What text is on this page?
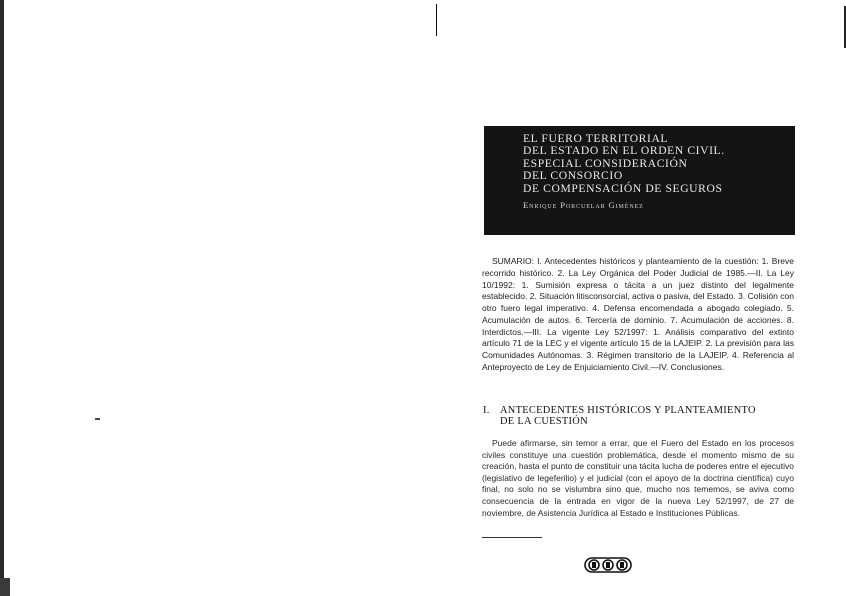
EL FUERO TERRITORIAL
DEL ESTADO EN EL ORDEN CIVIL.
ESPECIAL CONSIDERACIÓN
DEL CONSORCIO
DE COMPENSACIÓN DE SEGUROS
Enrique Porcuelar Giménez

SUMARIO: I. Antecedentes históricos y planteamiento de la cuestión: 1. Breve recorrido histórico. 2. La Ley Orgánica del Poder Judicial de 1985.—II. La Ley 10/1992: 1. Sumisión expresa o tácita a un juez distinto del legalmente establecido. 2. Situación litisconsorcial, activa o pasiva, del Estado. 3. Colisión con otro fuero legal imperativo. 4. Defensa encomendada a abogado colegiado. 5. Acumulación de autos. 6. Tercería de dominio. 7. Acumulación de acciones. 8. Interdictos.—III. La vigente Ley 52/1997: 1. Análisis comparativo del extinto artículo 71 de la LEC y el vigente artículo 15 de la LAJEIP. 2. La previsión para las Comunidades Autónomas. 3. Régimen transitorio de la LAJEIP. 4. Referencia al Anteproyecto de Ley de Enjuiciamiento Civil.—IV. Conclusiones.

I. ANTECEDENTES HISTÓRICOS Y PLANTEAMIENTO
DE LA CUESTIÓN

Puede afirmarse, sin temor a errar, que el Fuero del Estado en los procesos civiles constituye una cuestión problemática, desde el momento mismo de su creación, hasta el punto de constituir una tácita lucha de poderes entre el ejecutivo (legislativo de legeferilio) y el judicial (con el apoyo de la doctrina científica) cuyo final, no solo no se vislumbra sino que, mucho nos tememos, se aviva como consecuencia de la entrada en vigor de la nueva Ley 52/1997, de 27 de noviembre, de Asistencia Jurídica al Estado e Instituciones Públicas.
